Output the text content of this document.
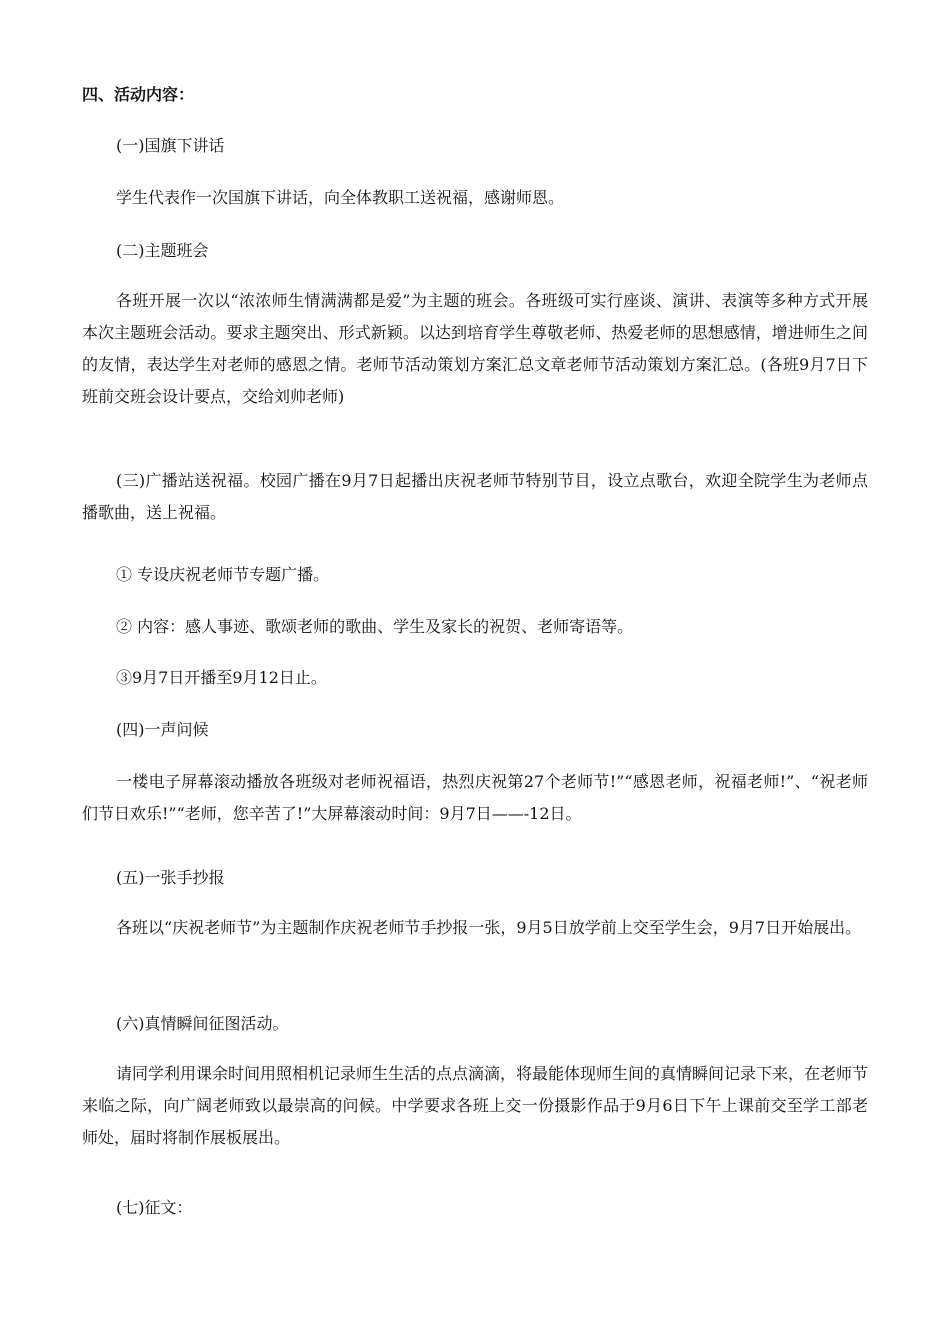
四、活动内容：

(一)国旗下讲话

学生代表作一次国旗下讲话，向全体教职工送祝福，感谢师恩。

(二)主题班会

各班开展一次以“浓浓师生情满满都是爱”为主题的班会。各班级可实行座谈、演讲、表演等多种方式开展本次主题班会活动。要求主题突出、形式新颖。以达到培育学生尊敬老师、热爱老师的思想感情，增进师生之间的友情，表达学生对老师的感恩之情。老师节活动策划方案汇总文章老师节活动策划方案汇总。(各班9月7日下班前交班会设计要点，交给刘帅老师)

(三)广播站送祝福。校园广播在9月7日起播出庆祝老师节特别节目，设立点歌台，欢迎全院学生为老师点播歌曲，送上祝福。

① 专设庆祝老师节专题广播。

② 内容：感人事迹、歌颂老师的歌曲、学生及家长的祝贺、老师寄语等。

③9月7日开播至9月12日止。

(四)一声问候

一楼电子屏幕滚动播放各班级对老师祝福语，热烈庆祝第27个老师节!”“感恩老师，祝福老师!”、“祝老师们节日欢乐!”“老师，您辛苦了!”大屏幕滚动时间：9月7日——-12日。

(五)一张手抄报

各班以“庆祝老师节”为主题制作庆祝老师节手抄报一张，9月5日放学前上交至学生会，9月7日开始展出。

(六)真情瞬间征图活动。

请同学利用课余时间用照相机记录师生生活的点点滴滴，将最能体现师生间的真情瞬间记录下来，在老师节来临之际，向广阔老师致以最崇高的问候。中学要求各班上交一份摄影作品于9月6日下午上课前交至学工部老师处，届时将制作展板展出。

(七)征文：
